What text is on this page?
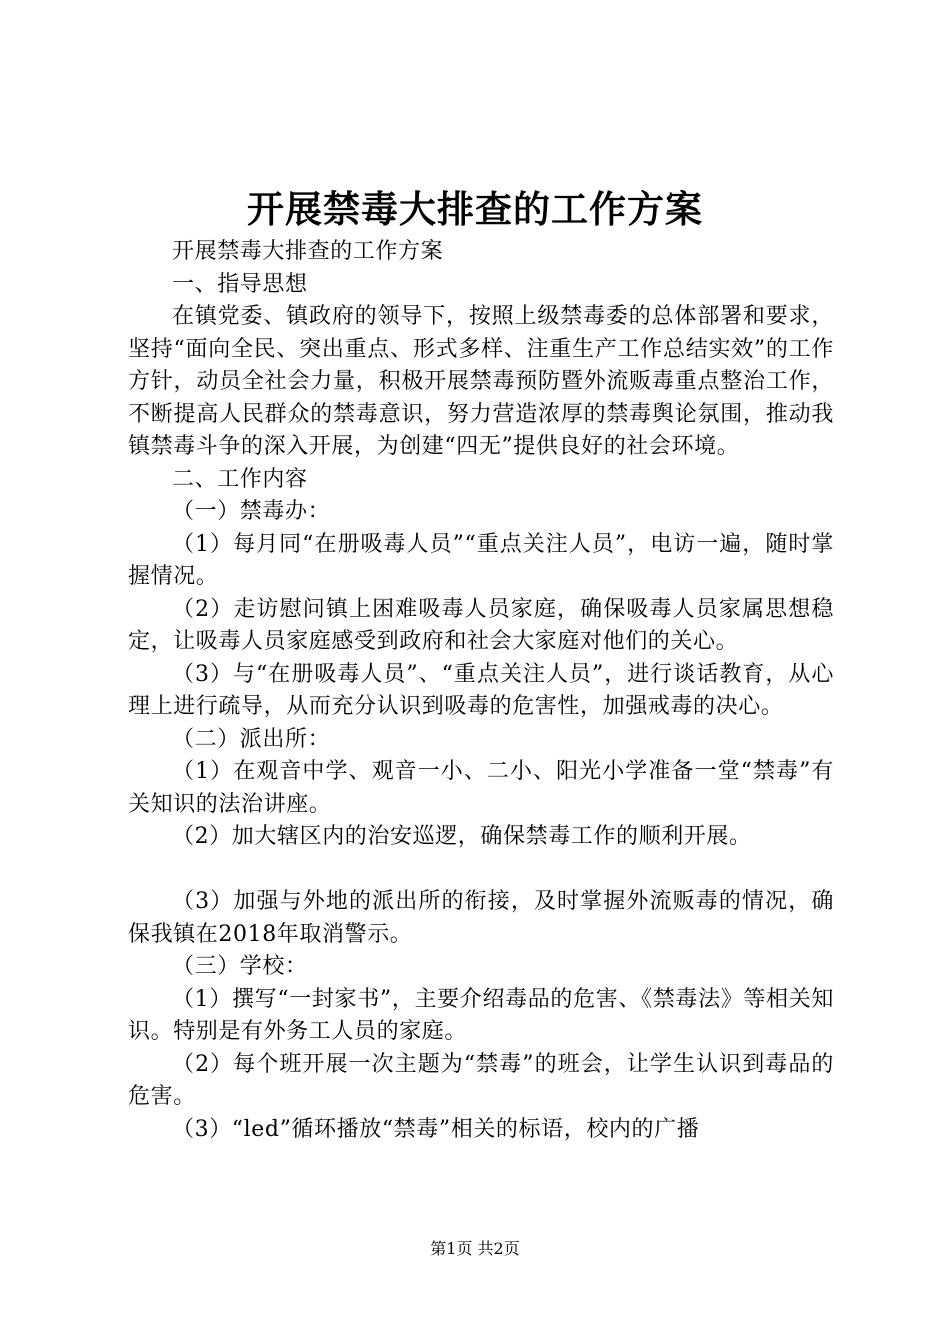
开展禁毒大排查的工作方案

开展禁毒大排查的工作方案

一、指导思想

在镇党委、镇政府的领导下，按照上级禁毒委的总体部署和要求，坚持“面向全民、突出重点、形式多样、注重生产工作总结实效”的工作方针，动员全社会力量，积极开展禁毒预防暨外流贩毒重点整治工作，不断提高人民群众的禁毒意识，努力营造浓厚的禁毒舆论氛围，推动我镇禁毒斗争的深入开展，为创建“四无”提供良好的社会环境。

二、工作内容

（一）禁毒办：

（1）每月同“在册吸毒人员”“重点关注人员”，电访一遍，随时掌握情况。

（2）走访慰问镇上困难吸毒人员家庭，确保吸毒人员家属思想稳定，让吸毒人员家庭感受到政府和社会大家庭对他们的关心。

（3）与“在册吸毒人员”、“重点关注人员”，进行谈话教育，从心理上进行疏导，从而充分认识到吸毒的危害性，加强戒毒的决心。

（二）派出所：

（1）在观音中学、观音一小、二小、阳光小学准备一堂“禁毒”有关知识的法治讲座。

（2）加大辖区内的治安巡逻，确保禁毒工作的顺利开展。

（3）加强与外地的派出所的衔接，及时掌握外流贩毒的情况，确保我镇在2018年取消警示。

（三）学校：

（1）撰写“一封家书”，主要介绍毒品的危害、《禁毒法》等相关知识。特别是有外务工人员的家庭。

（2）每个班开展一次主题为“禁毒”的班会，让学生认识到毒品的危害。

（3）“led”循环播放“禁毒”相关的标语，校内的广播

第1页 共2页
